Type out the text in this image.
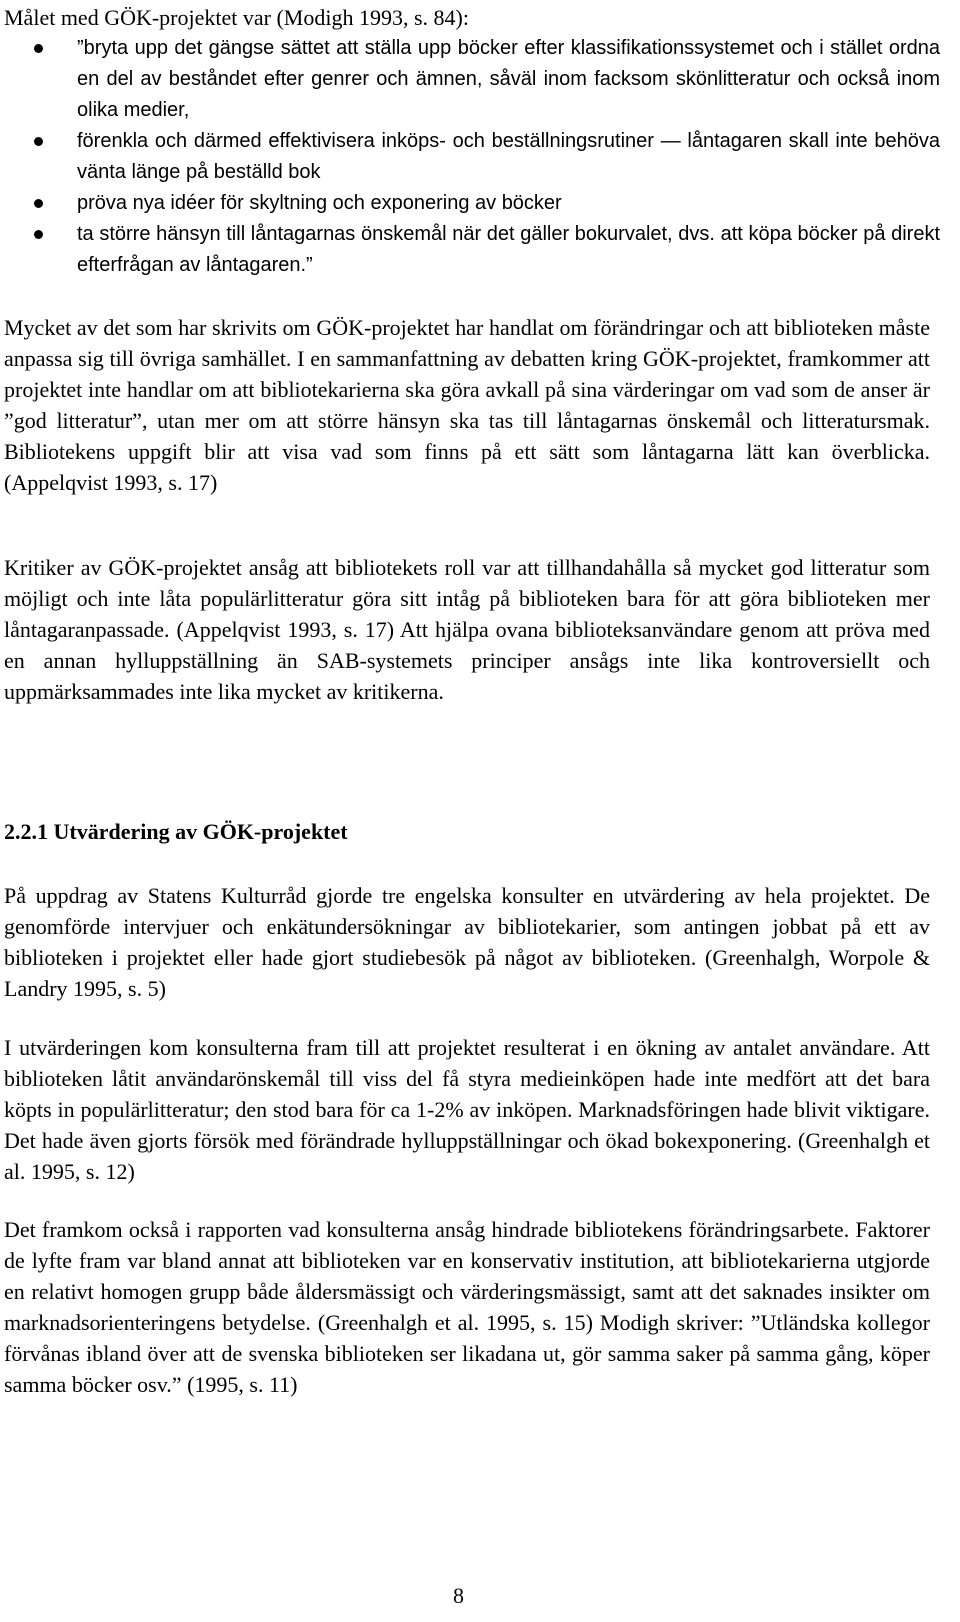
Målet med GÖK-projektet var (Modigh 1993, s. 84):
”bryta upp det gängse sättet att ställa upp böcker efter klassifikationssystemet och i stället ordna en del av beståndet efter genrer och ämnen, såväl inom facksom skönlitteratur och också inom olika medier,
förenkla och därmed effektivisera inköps- och beställningsrutiner — låntagaren skall inte behöva vänta länge på beställd bok
pröva nya idéer för skyltning och exponering av böcker
ta större hänsyn till låntagarnas önskemål när det gäller bokurvalet, dvs. att köpa böcker på direkt efterfrågan av låntagaren.”

Mycket av det som har skrivits om GÖK-projektet har handlat om förändringar och att biblioteken måste anpassa sig till övriga samhället. I en sammanfattning av debatten kring GÖK-projektet, framkommer att projektet inte handlar om att bibliotekarierna ska göra avkall på sina värderingar om vad som de anser är ”god litteratur”, utan mer om att större hänsyn ska tas till låntagarnas önskemål och litteratursmak. Bibliotekens uppgift blir att visa vad som finns på ett sätt som låntagarna lätt kan överblicka. (Appelqvist 1993, s. 17)

Kritiker av GÖK-projektet ansåg att bibliotekets roll var att tillhandahålla så mycket god litteratur som möjligt och inte låta populärlitteratur göra sitt intåg på biblioteken bara för att göra biblioteken mer låntagaranpassade. (Appelqvist 1993, s. 17) Att hjälpa ovana biblioteksanvändare genom att pröva med en annan hylluppställning än SAB-systemets principer ansågs inte lika kontroversiellt och uppmärksammades inte lika mycket av kritikerna.

2.2.1 Utvärdering av GÖK-projektet

På uppdrag av Statens Kulturråd gjorde tre engelska konsulter en utvärdering av hela projektet. De genomförde intervjuer och enkätundersökningar av bibliotekarier, som antingen jobbat på ett av biblioteken i projektet eller hade gjort studiebesök på något av biblioteken. (Greenhalgh, Worpole & Landry 1995, s. 5)

I utvärderingen kom konsulterna fram till att projektet resulterat i en ökning av antalet användare. Att biblioteken låtit användarönskemål till viss del få styra medieinköpen hade inte medfört att det bara köpts in populärlitteratur; den stod bara för ca 1-2% av inköpen. Marknadsföringen hade blivit viktigare. Det hade även gjorts försök med förändrade hylluppställningar och ökad bokexponering. (Greenhalgh et al. 1995, s. 12)

Det framkom också i rapporten vad konsulterna ansåg hindrade bibliotekens förändringsarbete. Faktorer de lyfte fram var bland annat att biblioteken var en konservativ institution, att bibliotekarierna utgjorde en relativt homogen grupp både åldersmässigt och värderingsmässigt, samt att det saknades insikter om marknadsorienteringens betydelse. (Greenhalgh et al. 1995, s. 15) Modigh skriver: ”Utländska kollegor förvånas ibland över att de svenska biblioteken ser likadana ut, gör samma saker på samma gång, köper samma böcker osv.” (1995, s. 11)

8
